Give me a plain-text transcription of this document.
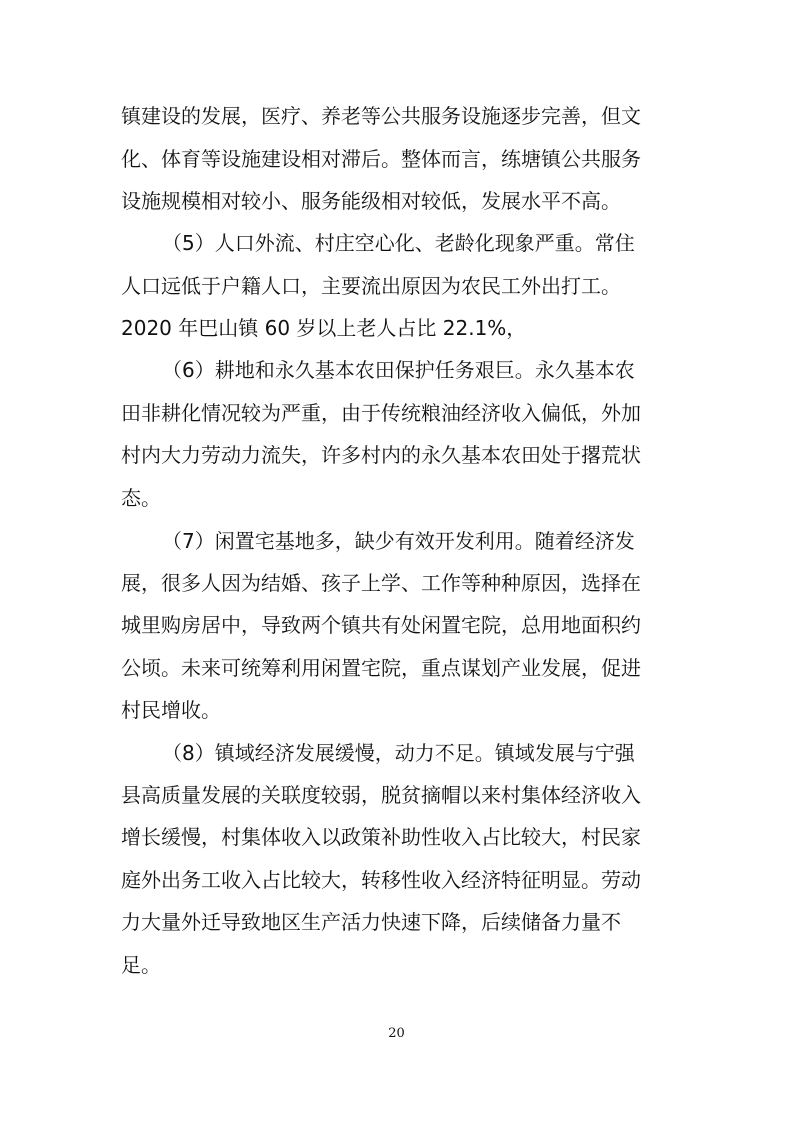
镇建设的发展，医疗、养老等公共服务设施逐步完善，但文
化、体育等设施建设相对滞后。整体而言，练塘镇公共服务
设施规模相对较小、服务能级相对较低，发展水平不高。
（5）人口外流、村庄空心化、老龄化现象严重。常住
人口远低于户籍人口，主要流出原因为农民工外出打工。
2020 年巴山镇 60 岁以上老人占比 22.1%，
（6）耕地和永久基本农田保护任务艰巨。永久基本农
田非耕化情况较为严重，由于传统粮油经济收入偏低，外加
村内大力劳动力流失，许多村内的永久基本农田处于撂荒状
态。
（7）闲置宅基地多，缺少有效开发利用。随着经济发
展，很多人因为结婚、孩子上学、工作等种种原因，选择在
城里购房居中，导致两个镇共有处闲置宅院，总用地面积约
公顷。未来可统筹利用闲置宅院，重点谋划产业发展，促进
村民增收。
（8）镇域经济发展缓慢，动力不足。镇域发展与宁强
县高质量发展的关联度较弱，脱贫摘帽以来村集体经济收入
增长缓慢，村集体收入以政策补助性收入占比较大，村民家
庭外出务工收入占比较大，转移性收入经济特征明显。劳动
力大量外迁导致地区生产活力快速下降，后续储备力量不
足。
20
